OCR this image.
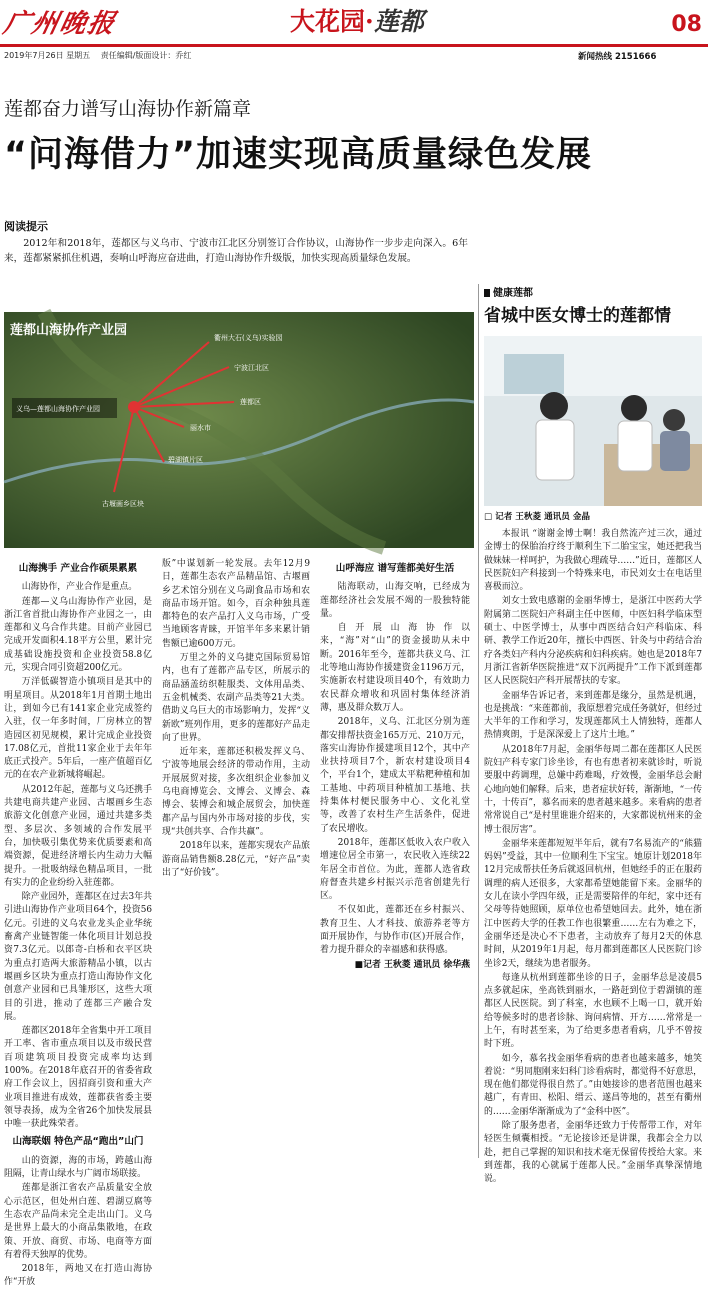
广州晚报	大花园·莲都	08
2019年7月26日 星期五 责任编辑/版面设计：乔红	新闻热线 2151666
莲都奋力谱写山海协作新篇章
“问海借力”加速实现高质量绿色发展
阅读提示
2012年和2018年，莲都区与义乌市、宁波市江北区分别签订合作协议，山海协作一步步走向深入。6年来，莲都紧紧抓住机遇，奏响山呼海应奋进曲，打造山海协作升级版，加快实现高质量绿色发展。
莲都山海协作产业园
义乌—莲都山海协作产业园
衢州大石(义乌)实验园
宁波江北区
莲都区
丽水市
碧湖镇片区
古堰画乡区块

山海携手 产业合作硕果累累

山海协作，产业合作是重点。

莲都—义乌山海协作产业园，是浙江省首批山海协作产业园之一，由莲都和义乌合作共建。目前产业园已完成开发面积4.18平方公里，累计完成基础设施投资和企业投资58.8亿元，实现合同引资超200亿元。

万洋低碳智造小镇项目是其中的明星项目。从2018年1月首期土地出让，到如今已有141家企业完成签约入驻，仅一年多时间，厂房林立的智造园区初见规模，累计完成企业投资17.08亿元，首批11家企业于去年年底正式投产。5年后，一座产值超百亿元的在农产业新城将崛起。

从2012年起，莲都与义乌还携手共建电商共建产业园、古堰画乡生态旅游文化创意产业园，通过共建多类型、多层次、多领域的合作发展平台，加快吸引集优势来优质要素和高端资源，促进经济增长内生动力大幅提升。一批吸纳绿色精品项目，一批有实力的企业纷纷入驻莲都。

除产业园外，莲都区在过去3年共引进山海协作产业项目64个，投资56亿元。引进的义乌农业龙头企业华统畜禽产业链智能一体化项目计划总投资7.3亿元。以郎奇-白桥和衣平区块为重点打造两大旅游精品小镇，以古堰画乡区块为重点打造山海协作文化创意产业园和已具雏形区，这些大项目的引进，推动了莲都三产融合发展。

莲都区2018年全省集中开工项目开工率、省市重点项目以及市级民营百项建筑项目投资完成率均达到100%。在2018年底召开的省委省政府工作会议上，因招商引资和重大产业项目推进有成效，莲都获省委主要领导表扬，成为全省26个加快发展县中唯一获此殊荣者。

山海联姻 特色产品“跑出”山门

山的资源，海的市场，跨越山海阻隔，让青山绿水与广阔市场联接。

莲都是浙江省农产品质量安全放心示范区，但处州白莲、碧湖豆腐等生态农产品尚未完全走出山门。义乌是世界上最大的小商品集散地，在政策、开放、商贸、市场、电商等方面有着得天独厚的优势。

2018年，两地又在打造山海协作“开放

版”中谋划新一轮发展。去年12月9日，莲都生态农产品精品馆、古堰画乡艺术馆分别在义乌副食品市场和农商品市场开馆。如今，百余种独具莲都特色的农产品打入义乌市场，广受当地顾客青睐，开馆半年多来累计销售额已逾600万元。

万里之外的义乌捷克国际贸易馆内，也有了莲都产品专区，所展示的商品涵盖纺织鞋服类、文体用品类、五金机械类、农副产品类等21大类。借助义乌巨大的市场影响力，发挥“义新欧”班列作用，更多的莲都好产品走向了世界。

近年来，莲都还积极发挥义乌、宁波等地展会经济的带动作用，主动开展展贸对接，多次组织企业参加义乌电商博览会、文博会、义博会、森博会、装博会和城企展贸会，加快莲都产品与国内外市场对接的步伐，实现“共创共享、合作共赢”。

2018年以来，莲都实现农产品旅游商品销售额8.28亿元，“好产品”卖出了“好价钱”。

山呼海应 谱写莲都美好生活

陆海联动，山海交响，已经成为莲都经济社会发展不竭的一股独特能量。

自开展山海协作以来，“海”对“山”的资金援助从未中断。2016年至今，莲都共获义乌、江北等地山海协作援建资金1196万元，实施新农村建设项目40个，有效助力农民群众增收和巩固村集体经济消薄，惠及群众数万人。

2018年，义乌、江北区分别为莲都安排帮扶资金165万元、210万元，落实山海协作援建项目12个，其中产业扶持项目7个，新农村建设项目4个，平台1个，建成太平粘粑种植和加工基地、中药项目种植加工基地、扶持集体村便民服务中心、文化礼堂等，改善了农村生产生活条件，促进了农民增收。

2018年，莲都区低收入农户收入增速位居全市第一，农民收入连续22年居全市首位。为此，莲都人选省政府督查共建乡村振兴示范省创建先行区。

不仅如此，莲都还在乡村振兴、教育卫生、人才科技、旅游养老等方面开展协作，与协作市(区)开展合作，着力提升群众的幸福感和获得感。

■记者 王秋菱 通讯员 徐华燕

健康莲都
省城中医女博士的莲都情
□ 记者 王秋菱 通讯员 金晶

本报讯 “谢谢金博士啊！我自然流产过三次，通过金博士的保胎治疗终于顺利生下二胎宝宝，她还把我当做妹妹一样呵护，为我做心理疏导……”近日，莲都区人民医院妇产科接到一个特殊来电，市民刘女士在电话里喜极而泣。

刘女士致电感谢的金丽华博士，是浙江中医药大学附属第二医院妇产科副主任中医师，中医妇科学临床型硕士、中医学博士，从事中西医结合妇产科临床、科研、教学工作近20年，擅长中西医、针灸与中药结合治疗各类妇产科内分泌疾病和妇科疾病。她也是2018年7月浙江省新华医院推进“双下沉两提升”工作下派到莲都区人民医院妇产科开展帮扶的专家。

金丽华告诉记者，来到莲都是缘分，虽然是机遇，也是挑战：“来莲都前，我原想着完成任务就好，但经过大半年的工作和学习，发现莲都风土人情独特，莲都人热情爽朗，于是深深爱上了这片土地。”

从2018年7月起，金丽华每周二都在莲都区人民医院妇产科专家门诊坐诊，有也有患者初来就诊时，听说要服中药调理，总嫌中药难喝，疗效慢，金丽华总会耐心地向她们解释。后来，患者症状好转，渐渐地，“一传十，十传百”，慕名而来的患者越来越多。来看病的患者常常说自己“是村里谁谁介绍来的，大家都说杭州来的金博士很厉害”。

金丽华来莲都短短半年后，就有7名易流产的“熊猫妈妈”受益，其中一位顺利生下宝宝。她原计划2018年12月完成帮扶任务后就返回杭州，但她经手的正在服药调理的病人还很多，大家都希望她能留下来。金丽华的女儿在读小学四年级，正是需要陪伴的年纪，家中还有父母等待她照顾，原单位也希望她回去。此外，她在浙江中医药大学的任教工作也很繁重……左右为难之下，金丽华还是决心不下患者，主动放弃了每月2天的休息时间，从2019年1月起，每月都到莲都区人民医院门诊坐诊2天，继续为患者服务。

每逢从杭州到莲都坐诊的日子，金丽华总是凌晨5点多就起床，坐高铁到丽水，一路赶到位于碧湖镇的莲都区人民医院。到了科室，水也顾不上喝一口，就开始给等候多时的患者诊脉、询问病情、开方……常常是一上午，有时甚至来，为了给更多患者看病，几乎不曾按时下班。

如今，慕名找金丽华看病的患者也越来越多，她笑着说：“男同胞刚来妇科门诊看病时，都觉得不好意思，现在他们都觉得很自然了。”由她接诊的患者范围也越来越广，有青田、松阳、缙云、遂昌等地的，甚至有衢州的……金丽华渐渐成为了“金科中医”。

除了服务患者，金丽华还致力于传帮带工作，对年轻医生倾囊相授。“无论接诊还是讲课，我都会全力以赴，把自己掌握的知识和技术毫无保留传授给大家。来到莲都，我的心就属于莲都人民。”金丽华真挚深情地说。
